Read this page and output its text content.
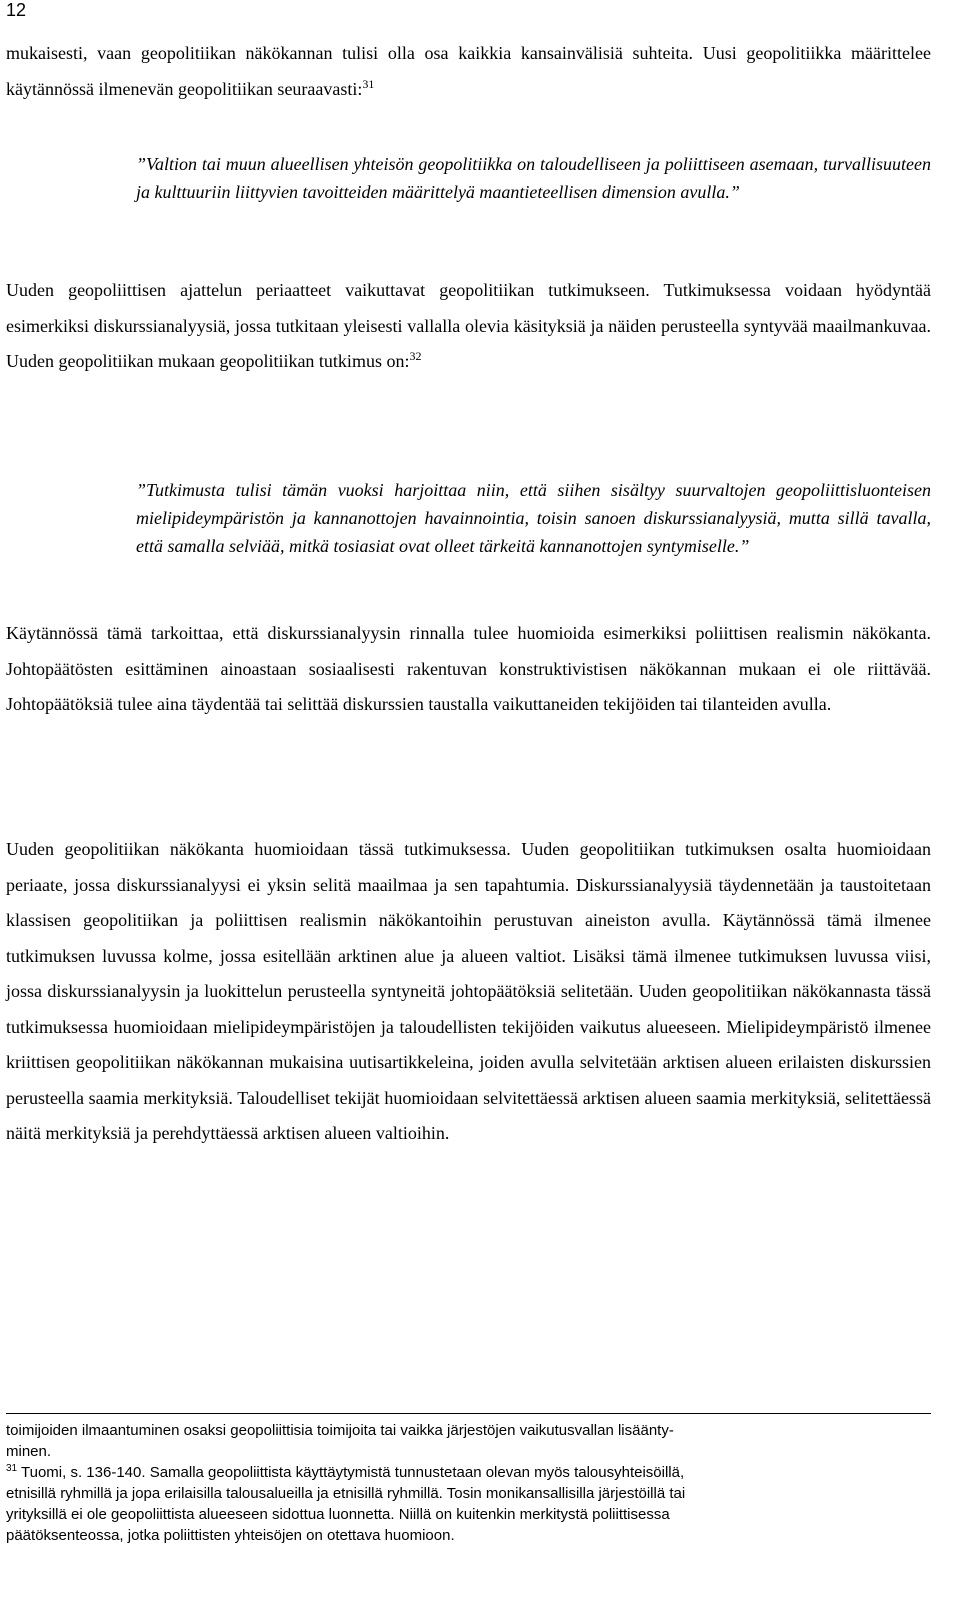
12

mukaisesti, vaan geopolitiikan näkökannan tulisi olla osa kaikkia kansainvälisiä suhteita. Uusi geopolitiikka määrittelee käytännössä ilmenevän geopolitiikan seuraavasti:$^{31}$

”Valtion tai muun alueellisen yhteisön geopolitiikka on taloudelliseen ja poliittiseen asemaan, turvallisuuteen ja kulttuuriin liittyvien tavoitteiden määrittelyä maantieteellisen dimension avulla.”

Uuden geopoliittisen ajattelun periaatteet vaikuttavat geopolitiikan tutkimukseen. Tutkimuksessa voidaan hyödyntää esimerkiksi diskurssianalyysiä, jossa tutkitaan yleisesti vallalla olevia käsityksiä ja näiden perusteella syntyvää maailmankuvaa. Uuden geopolitiikan mukaan geopolitiikan tutkimus on:$^{32}$

”Tutkimusta tulisi tämän vuoksi harjoittaa niin, että siihen sisältyy suurvaltojen geopoliittisluonteisen mielipideympäristön ja kannanottojen havainnointia, toisin sanoen diskurssianalyysiä, mutta sillä tavalla, että samalla selviää, mitkä tosiasiat ovat olleet tärkeitä kannanottojen syntymiselle.”

Käytännössä tämä tarkoittaa, että diskurssianalyysin rinnalla tulee huomioida esimerkiksi poliittisen realismin näkökanta. Johtopäätösten esittäminen ainoastaan sosiaalisesti rakentuvan konstruktivistisen näkökannan mukaan ei ole riittävää. Johtopäätöksiä tulee aina täydentää tai selittää diskurssien taustalla vaikuttaneiden tekijöiden tai tilanteiden avulla.

Uuden geopolitiikan näkökanta huomioidaan tässä tutkimuksessa. Uuden geopolitiikan tutkimuksen osalta huomioidaan periaate, jossa diskurssianalyysi ei yksin selitä maailmaa ja sen tapahtumia. Diskurssianalyysiä täydennetään ja taustoitetaan klassisen geopolitiikan ja poliittisen realismin näkökantoihin perustuvan aineiston avulla. Käytännössä tämä ilmenee tutkimuksen luvussa kolme, jossa esitellään arktinen alue ja alueen valtiot. Lisäksi tämä ilmenee tutkimuksen luvussa viisi, jossa diskurssianalyysin ja luokittelun perusteella syntyneitä johtopäätöksiä selitetään. Uuden geopolitiikan näkökannasta tässä tutkimuksessa huomioidaan mielipideympäristöjen ja taloudellisten tekijöiden vaikutus alueeseen. Mielipideympäristö ilmenee kriittisen geopolitiikan näkökannan mukaisina uutisartikkeleina, joiden avulla selvitetään arktisen alueen erilaisten diskurssien perusteella saamia merkityksiä. Taloudelliset tekijät huomioidaan selvitettäessä arktisen alueen saamia merkityksiä, selitettäessä näitä merkityksiä ja perehdyttäessä arktisen alueen valtioihin.

toimijoiden ilmaantuminen osaksi geopoliittisia toimijoita tai vaikka järjestöjen vaikutusvallan lisäänty-
minen.
$^{31}$ Tuomi, s. 136-140. Samalla geopoliittista käyttäytymistä tunnustetaan olevan myös talousyhteisöillä,
etnisillä ryhmillä ja jopa erilaisilla talousalueilla ja etnisillä ryhmillä. Tosin monikansallisilla järjestöillä tai
yrityksillä ei ole geopoliittista alueeseen sidottua luonnetta. Niillä on kuitenkin merkitystä poliittisessa
päätöksenteossa, jotka poliittisten yhteisöjen on otettava huomioon.
